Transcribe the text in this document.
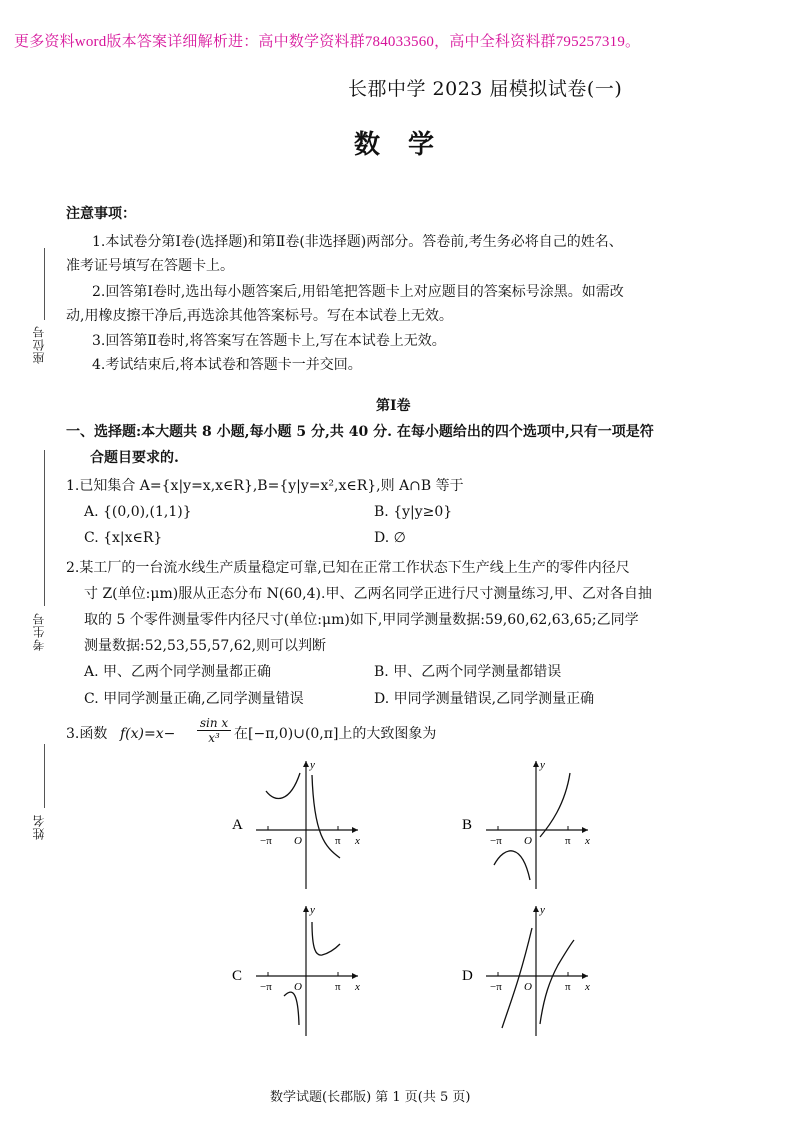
更多资料word版本答案详细解析进：高中数学资料群784033560，高中全科资料群795257319。
长郡中学 2023 届模拟试卷(一)
数学
座位号
考生号
姓名
注意事项：
1.本试卷分第Ⅰ卷(选择题)和第Ⅱ卷(非选择题)两部分。答卷前,考生务必将自己的姓名、
准考证号填写在答题卡上。
2.回答第Ⅰ卷时,选出每小题答案后,用铅笔把答题卡上对应题目的答案标号涂黑。如需改
动,用橡皮擦干净后,再选涂其他答案标号。写在本试卷上无效。
3.回答第Ⅱ卷时,将答案写在答题卡上,写在本试卷上无效。
4.考试结束后,将本试卷和答题卡一并交回。
第Ⅰ卷
一、选择题:本大题共 8 小题,每小题 5 分,共 40 分. 在每小题给出的四个选项中,只有一项是符
合题目要求的.
1.已知集合 A={x|y=x,x∈R},B={y|y=x²,x∈R},则 A∩B 等于
A. {(0,0),(1,1)}	B. {y|y≥0}
C. {x|x∈R}	D. ∅
2.某工厂的一台流水线生产质量稳定可靠,已知在正常工作状态下生产线上生产的零件内径尺
寸 Z(单位:μm)服从正态分布 N(60,4).甲、乙两名同学正进行尺寸测量练习,甲、乙对各自抽
取的 5 个零件测量零件内径尺寸(单位:μm)如下,甲同学测量数据:59,60,62,63,65;乙同学
测量数据:52,53,55,57,62,则可以判断
A. 甲、乙两个同学测量都正确	B. 甲、乙两个同学测量都错误
C. 甲同学测量正确,乙同学测量错误	D. 甲同学测量错误,乙同学测量正确
3.函数 $f(x)=x- \frac{\text{sin x}}{\text{x³}}$ 在[−π,0)∪(0,π]上的大致图象为
A
−π O	π x
y
B
−π O	π x
y
C
−π O	π x
y
D
−π O	π x
y
数学试题(长郡版) 第 1 页(共 5 页)
